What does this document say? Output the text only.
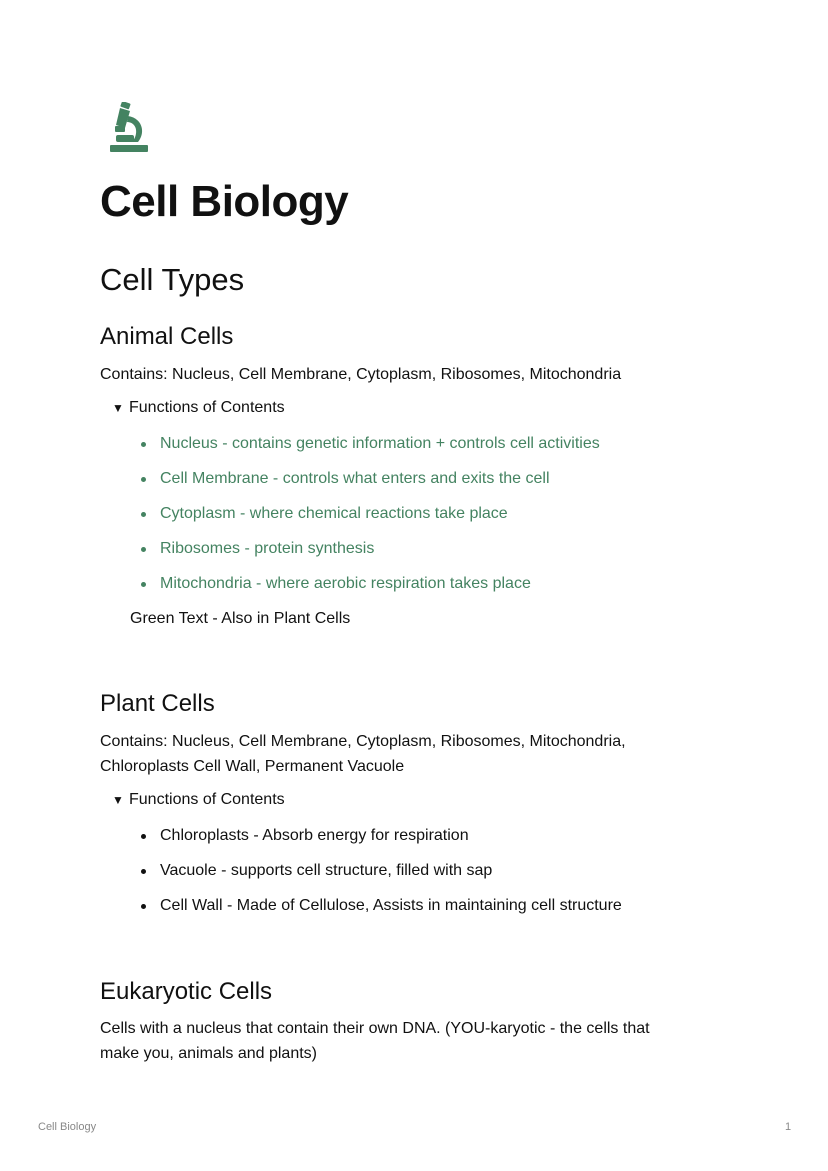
Cell Biology
Cell Types
Animal Cells

Contains: Nucleus, Cell Membrane, Cytoplasm, Ribosomes, Mitochondria

▼ Functions of Contents
Nucleus - contains genetic information + controls cell activities
Cell Membrane - controls what enters and exits the cell
Cytoplasm - where chemical reactions take place
Ribosomes - protein synthesis
Mitochondria - where aerobic respiration takes place
Green Text - Also in Plant Cells
Plant Cells

Contains: Nucleus, Cell Membrane, Cytoplasm, Ribosomes, Mitochondria,
Chloroplasts Cell Wall, Permanent Vacuole

▼ Functions of Contents
Chloroplasts - Absorb energy for respiration
Vacuole - supports cell structure, filled with sap
Cell Wall - Made of Cellulose, Assists in maintaining cell structure
Eukaryotic Cells

Cells with a nucleus that contain their own DNA. (YOU-karyotic - the cells that
make you, animals and plants)

Cell Biology	1
